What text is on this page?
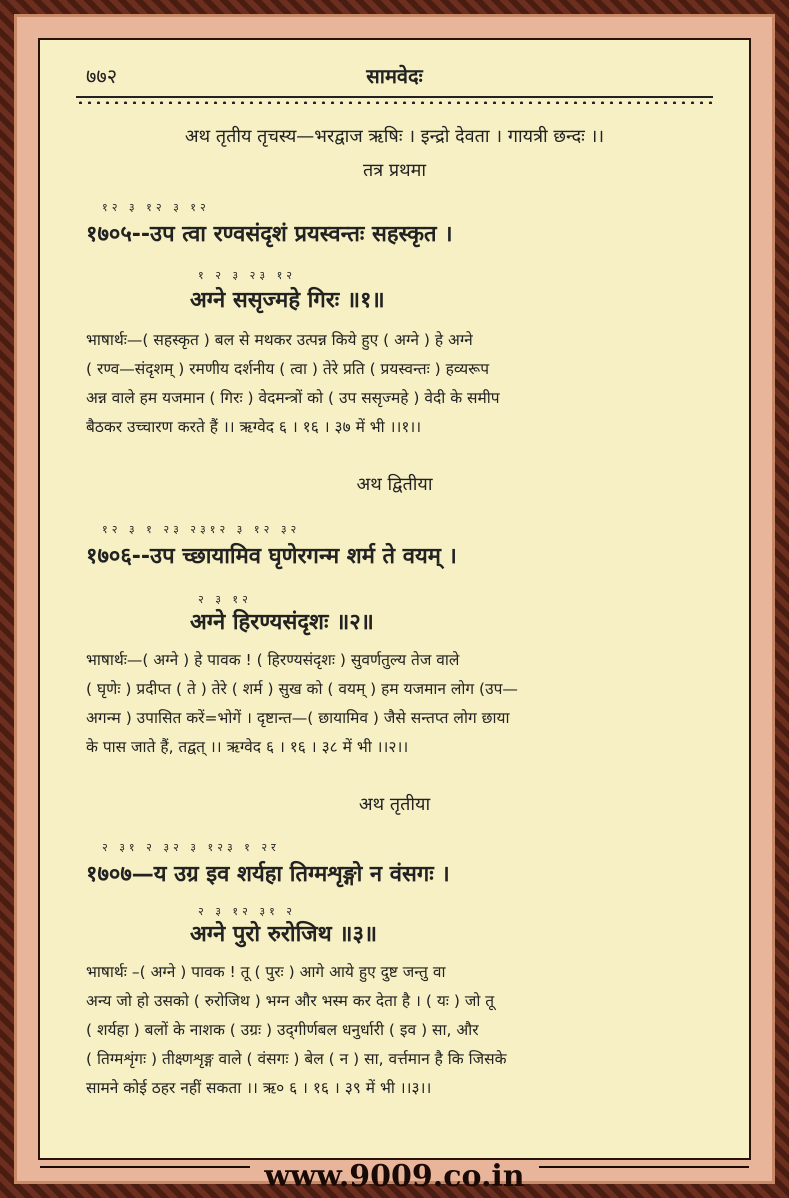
७७२	सामवेदः
अथ तृतीय तृचस्य—भरद्वाज ऋषिः । इन्द्रो देवता । गायत्री छन्दः ।।
तत्र प्रथमा
१२ ३ १२ ३ १२
१७०५--उप त्वा रण्वसंदृशं प्रयस्वन्तः सहस्कृत ।
१ २ ३ २३ १२
अग्ने ससृज्महे गिरः ॥१॥
भाषार्थः—( सहस्कृत ) बल से मथकर उत्पन्न किये हुए ( अग्ने ) हे अग्ने
( रण्व—संदृशम् ) रमणीय दर्शनीय ( त्वा ) तेरे प्रति ( प्रयस्वन्तः ) हव्यरूप
अन्न वाले हम यजमान ( गिरः ) वेदमन्त्रों को ( उप ससृज्महे ) वेदी के समीप
बैठकर उच्चारण करते हैं ।। ऋग्वेद ६ । १६ । ३७ में भी ।।१।।
अथ द्वितीया
१२ ३ १ २३ २३१२ ३ १२ ३२
१७०६--उप च्छायामिव घृणेरगन्म शर्म ते वयम् ।
२ ३ १२
अग्ने हिरण्यसंदृशः ॥२॥
भाषार्थः—( अग्ने ) हे पावक ! ( हिरण्यसंदृशः ) सुवर्णतुल्य तेज वाले
( घृणेः ) प्रदीप्त ( ते ) तेरे ( शर्म ) सुख को ( वयम् ) हम यजमान लोग (उप—
अगन्म ) उपासित करें=भोगें । दृष्टान्त—( छायामिव ) जैसे सन्तप्त लोग छाया
के पास जाते हैं, तद्वत् ।। ऋग्वेद ६ । १६ । ३८ में भी ।।२।।
अथ तृतीया
२ ३१ २ ३२ ३ १२३ १ २र
१७०७—य उग्र इव शर्यहा तिग्मशृङ्गो न वंसगः ।
२ ३ १२ ३१ २
अग्ने पुरो रुरोजिथ ॥३॥
भाषार्थः –( अग्ने ) पावक ! तू ( पुरः ) आगे आये हुए दुष्ट जन्तु वा
अन्य जो हो उसको ( रुरोजिथ ) भग्न और भस्म कर देता है । ( यः ) जो तू
( शर्यहा ) बलों के नाशक ( उग्रः ) उद्‌गीर्णबल धनुर्धारी ( इव ) सा, और
( तिग्मशृंगः ) तीक्ष्णशृङ्ग वाले ( वंसगः ) बेल ( न ) सा, वर्त्तमान है कि जिसके
सामने कोई ठहर नहीं सकता ।। ऋ० ६ । १६ । ३९ में भी ।।३।।
www.9009.co.in
